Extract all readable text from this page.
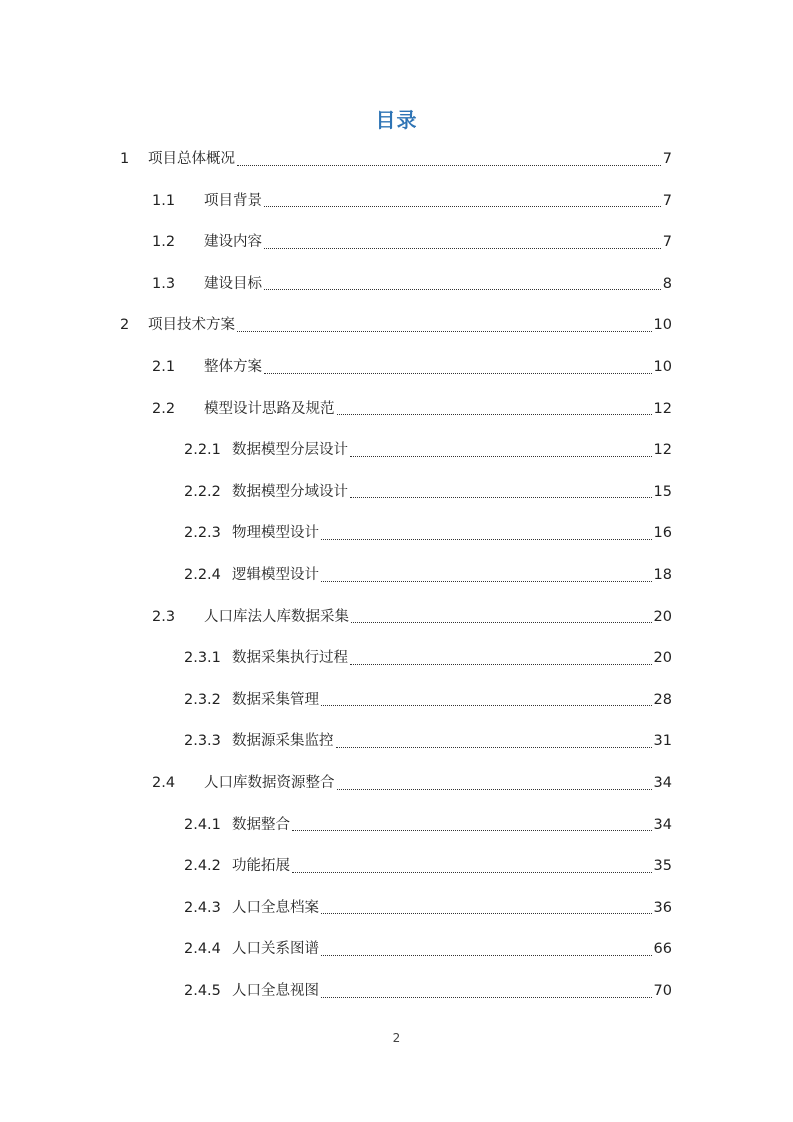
目录
1	项目总体概况	7
1.1	项目背景	7
1.2	建设内容	7
1.3	建设目标	8
2	项目技术方案	10
2.1	整体方案	10
2.2	模型设计思路及规范	12
2.2.1 数据模型分层设计	12
2.2.2 数据模型分域设计	15
2.2.3 物理模型设计	16
2.2.4 逻辑模型设计	18
2.3	人口库法人库数据采集	20
2.3.1 数据采集执行过程	20
2.3.2 数据采集管理	28
2.3.3 数据源采集监控	31
2.4	人口库数据资源整合	34
2.4.1 数据整合	34
2.4.2 功能拓展	35
2.4.3 人口全息档案	36
2.4.4 人口关系图谱	66
2.4.5 人口全息视图	70
2
